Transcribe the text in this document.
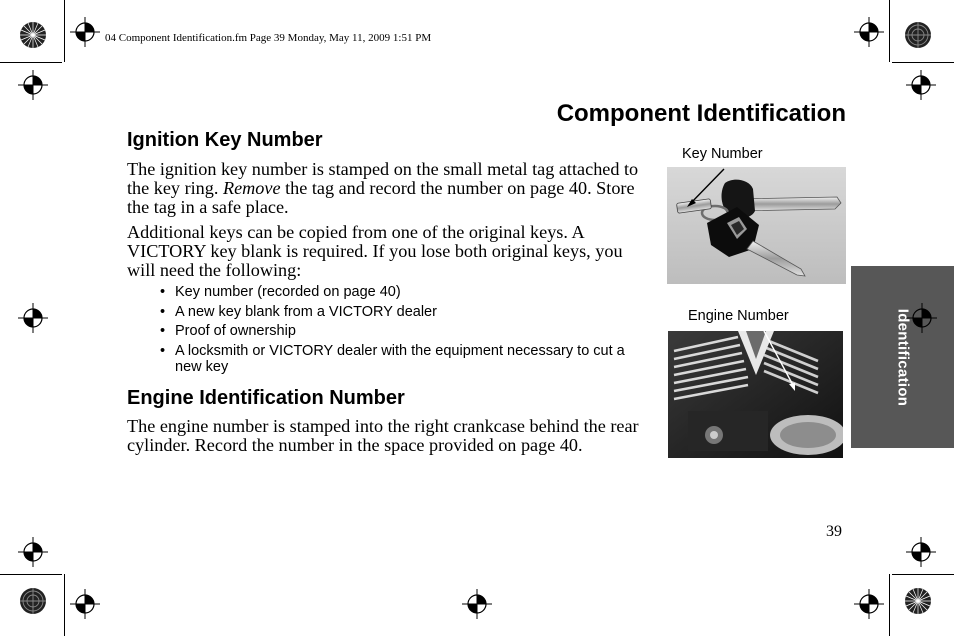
04 Component Identification.fm Page 39 Monday, May 11, 2009 1:51 PM
Component Identification
Ignition Key Number
The ignition key number is stamped on the small metal tag attached to the key ring. Remove the tag and record the number on page 40. Store the tag in a safe place.
Additional keys can be copied from one of the original keys. A VICTORY key blank is required. If you lose both original keys, you will need the following:
• Key number (recorded on page 40)
• A new key blank from a VICTORY dealer
• Proof of ownership
• A locksmith or VICTORY dealer with the equipment necessary to cut a new key
Engine Identification Number
The engine number is stamped into the right crankcase behind the rear cylinder. Record the number in the space provided on page 40.
Key Number
Engine Number	Identification
39
